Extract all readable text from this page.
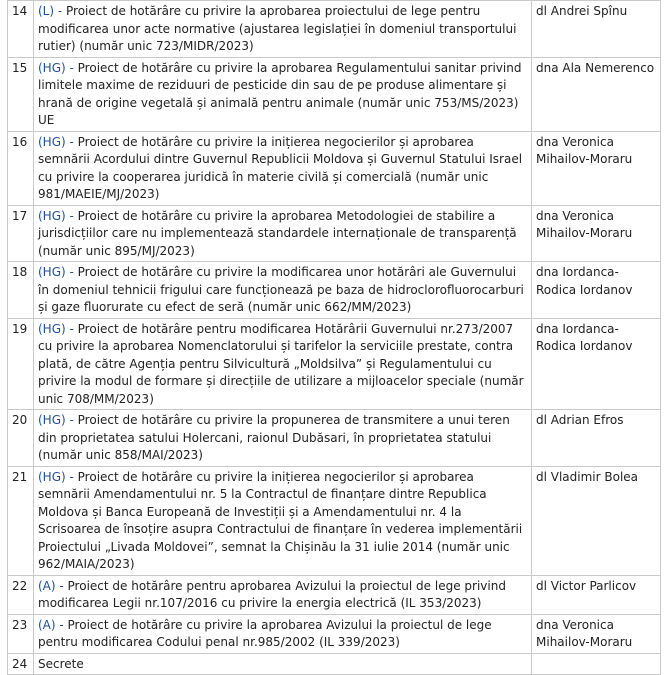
14	(L) - Proiect de hotărâre cu privire la aprobarea proiectului de lege pentru modificarea unor acte normative (ajustarea legislației în domeniul transportului rutier) (număr unic 723/MIDR/2023)	dl Andrei Spînu
15	(HG) - Proiect de hotărâre cu privire la aprobarea Regulamentului sanitar privind limitele maxime de reziduuri de pesticide din sau de pe produse alimentare și hrană de origine vegetală și animală pentru animale (număr unic 753/MS/2023) UE	dna Ala Nemerenco
16	(HG) - Proiect de hotărâre cu privire la inițierea negocierilor și aprobarea semnării Acordului dintre Guvernul Republicii Moldova și Guvernul Statului Israel cu privire la cooperarea juridică în materie civilă și comercială (număr unic 981/MAEIE/MJ/2023)	dna Veronica Mihailov-Moraru
17	(HG) - Proiect de hotărâre cu privire la aprobarea Metodologiei de stabilire a jurisdicțiilor care nu implementează standardele internaționale de transparență (număr unic 895/MJ/2023)	dna Veronica Mihailov-Moraru
18	(HG) - Proiect de hotărâre cu privire la modificarea unor hotărâri ale Guvernului în domeniul tehnicii frigului care funcționează pe baza de hidroclorofluorocarburi și gaze fluorurate cu efect de seră (număr unic 662/MM/2023)	dna Iordanca-Rodica Iordanov
19	(HG) - Proiect de hotărâre pentru modificarea Hotărârii Guvernului nr.273/2007 cu privire la aprobarea Nomenclatorului și tarifelor la serviciile prestate, contra plată, de către Agenția pentru Silvicultură „Moldsilva” și Regulamentului cu privire la modul de formare și direcțiile de utilizare a mijloacelor speciale (număr unic 708/MM/2023)	dna Iordanca-Rodica Iordanov
20	(HG) - Proiect de hotărâre cu privire la propunerea de transmitere a unui teren din proprietatea satului Holercani, raionul Dubăsari, în proprietatea statului (număr unic 858/MAI/2023)	dl Adrian Efros
21	(HG) - Proiect de hotărâre cu privire la inițierea negocierilor și aprobarea semnării Amendamentului nr. 5 la Contractul de finanțare dintre Republica Moldova și Banca Europeană de Investiții și a Amendamentului nr. 4 la Scrisoarea de însoțire asupra Contractului de finanțare în vederea implementării Proiectului „Livada Moldovei”, semnat la Chișinău la 31 iulie 2014 (număr unic 962/MAIA/2023)	dl Vladimir Bolea
22	(A) - Proiect de hotărâre pentru aprobarea Avizului la proiectul de lege privind modificarea Legii nr.107/2016 cu privire la energia electrică (IL 353/2023)	dl Victor Parlicov
23	(A) - Proiect de hotărâre cu privire la aprobarea Avizului la proiectul de lege pentru modificarea Codului penal nr.985/2002 (IL 339/2023)	dna Veronica Mihailov-Moraru
24	Secrete	
